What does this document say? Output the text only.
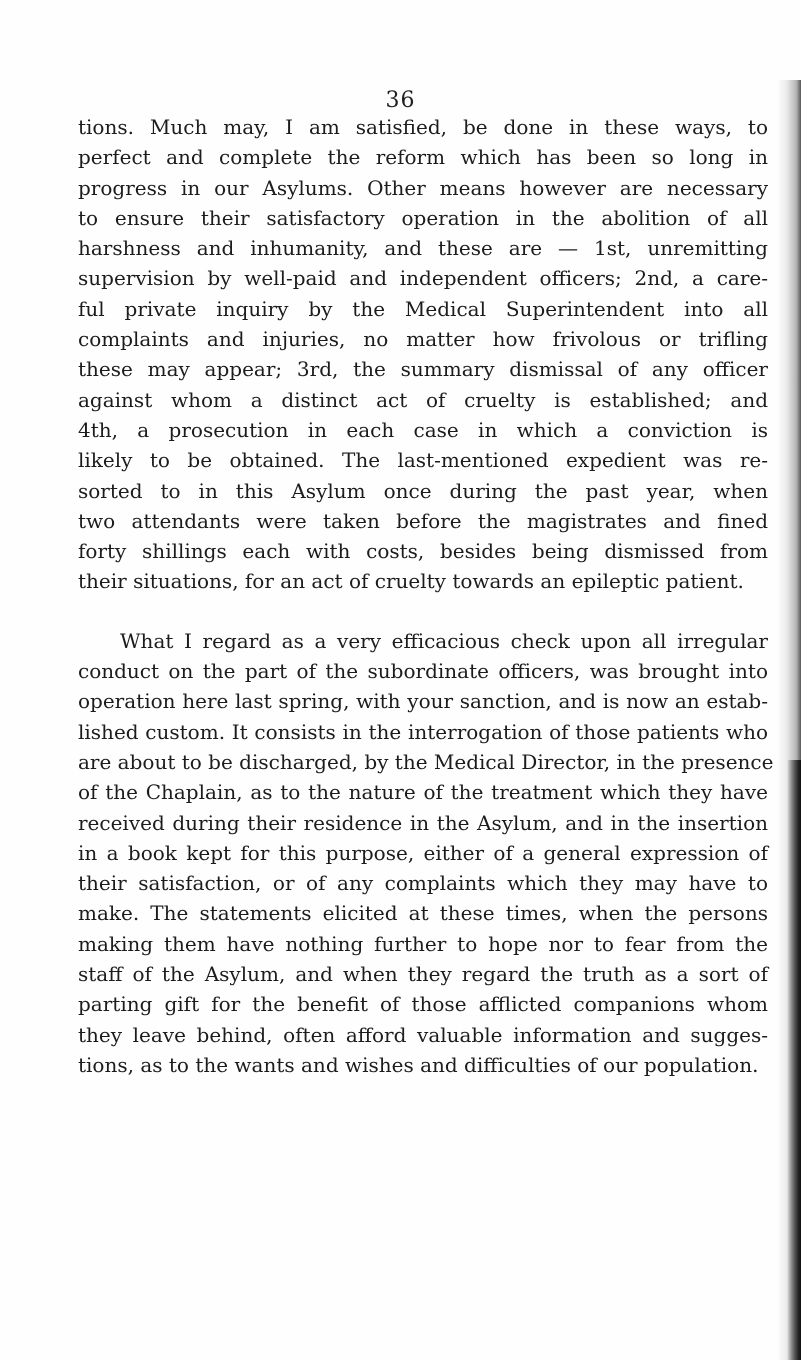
36
tions. Much may, I am satisfied, be done in these ways, to
perfect and complete the reform which has been so long in
progress in our Asylums. Other means however are necessary
to ensure their satisfactory operation in the abolition of all
harshness and inhumanity, and these are — 1st, unremitting
supervision by well-paid and independent officers; 2nd, a care-
ful private inquiry by the Medical Superintendent into all
complaints and injuries, no matter how frivolous or trifling
these may appear; 3rd, the summary dismissal of any officer
against whom a distinct act of cruelty is established; and
4th, a prosecution in each case in which a conviction is
likely to be obtained. The last-mentioned expedient was re-
sorted to in this Asylum once during the past year, when
two attendants were taken before the magistrates and fined
forty shillings each with costs, besides being dismissed from
their situations, for an act of cruelty towards an epileptic patient.
What I regard as a very efficacious check upon all irregular
conduct on the part of the subordinate officers, was brought into
operation here last spring, with your sanction, and is now an estab-
lished custom. It consists in the interrogation of those patients who
are about to be discharged, by the Medical Director, in the presence
of the Chaplain, as to the nature of the treatment which they have
received during their residence in the Asylum, and in the insertion
in a book kept for this purpose, either of a general expression of
their satisfaction, or of any complaints which they may have to
make. The statements elicited at these times, when the persons
making them have nothing further to hope nor to fear from the
staff of the Asylum, and when they regard the truth as a sort of
parting gift for the benefit of those afflicted companions whom
they leave behind, often afford valuable information and sugges-
tions, as to the wants and wishes and difficulties of our population.
